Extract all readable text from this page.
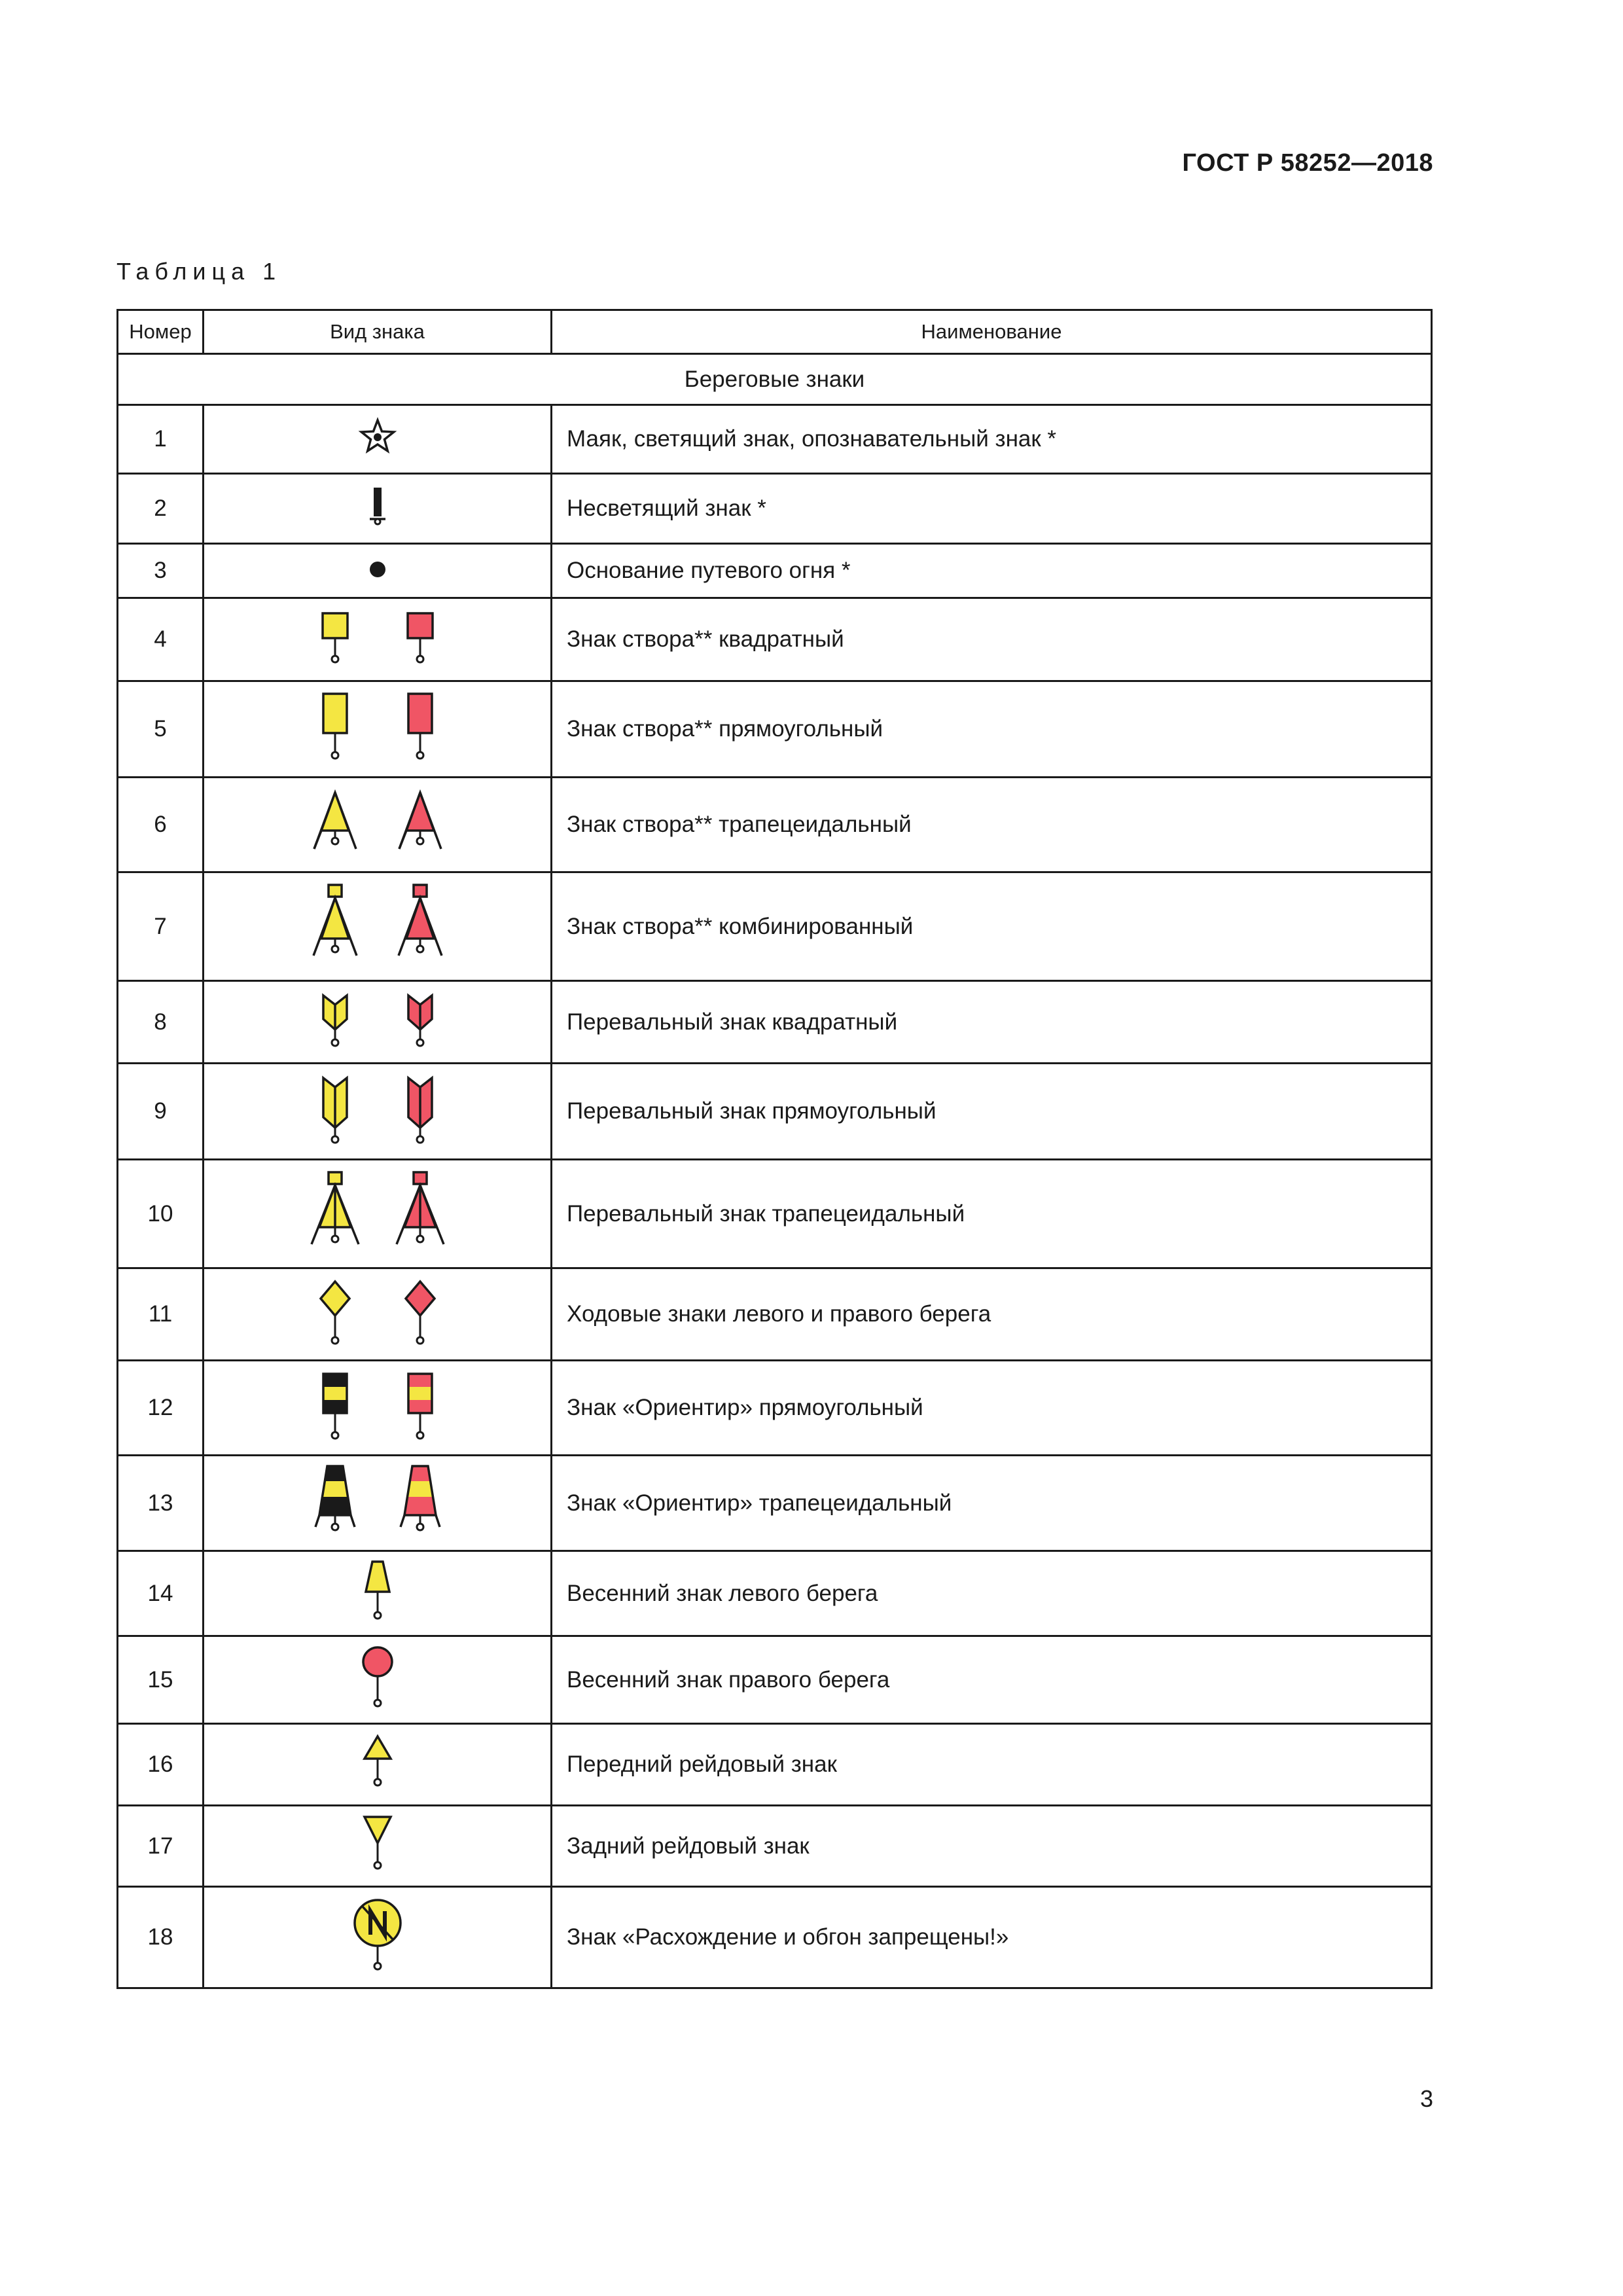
ГОСТ Р 58252—2018
Таблица 1
Номер	Вид знака	Наименование
Береговые знаки		
1		Маяк, светящий знак, опознавательный знак *
2		Несветящий знак *
3		Основание путевого огня *
4		Знак створа** квадратный
5		Знак створа** прямоугольный
6		Знак створа** трапецеидальный
7		Знак створа** комбинированный
8		Перевальный знак квадратный
9		Перевальный знак прямоугольный
10		Перевальный знак трапецеидальный
11		Ходовые знаки левого и правого берега
12		Знак «Ориентир» прямоугольный
13		Знак «Ориентир» трапецеидальный
14		Весенний знак левого берега
15		Весенний знак правого берега
16		Передний рейдовый знак
17		Задний рейдовый знак
18		Знак «Расхождение и обгон запрещены!»
3
